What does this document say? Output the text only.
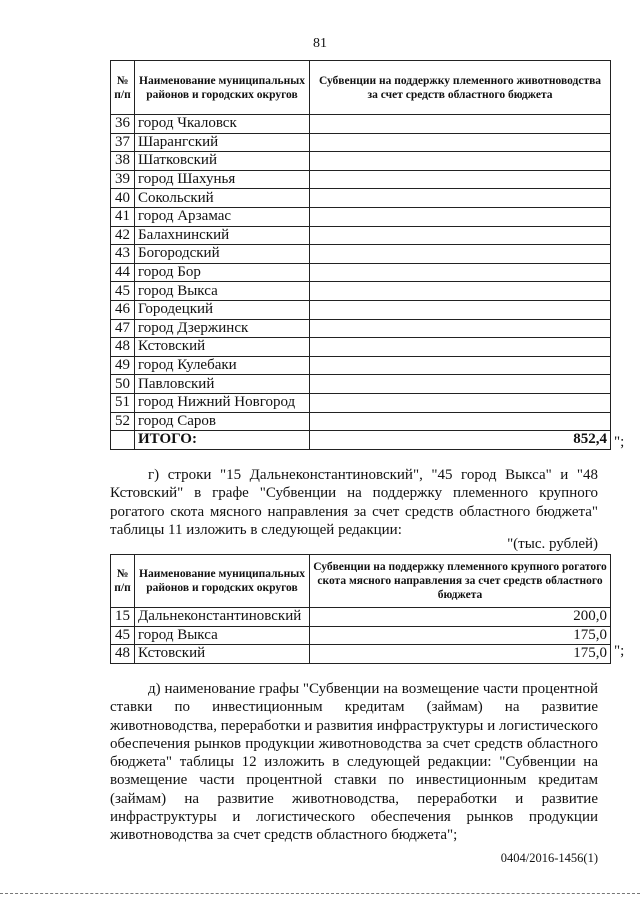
81
№ п/п	Наименование муниципальных районов и городских округов	Субвенции на поддержку племенного животноводства за счет средств областного бюджета
36	город Чкаловск	
37	Шарангский	
38	Шатковский	
39	город Шахунья	
40	Сокольский	
41	город Арзамас	
42	Балахнинский	
43	Богородский	
44	город Бор	
45	город Выкса	
46	Городецкий	
47	город Дзержинск	
48	Кстовский	
49	город Кулебаки	
50	Павловский	
51	город Нижний Новгород	
52	город Саров	
	ИТОГО:	852,4 ";
г) строки "15 Дальнеконстантиновский", "45 город Выкса" и "48 Кстовский" в графе "Субвенции на поддержку племенного крупного рогатого скота мясного направления за счет средств областного бюджета" таблицы 11 изложить в следующей редакции:
"(тыс. рублей)
№ п/п	Наименование муниципальных районов и городских округов	Субвенции на поддержку племенного крупного рогатого скота мясного направления за счет средств областного бюджета
15	Дальнеконстантиновский	200,0
45	город Выкса	175,0
48	Кстовский	175,0 ";
д) наименование графы "Субвенции на возмещение части процентной ставки по инвестиционным кредитам (займам) на развитие животноводства, переработки и развития инфраструктуры и логистического обеспечения рынков продукции животноводства за счет средств областного бюджета" таблицы 12 изложить в следующей редакции: "Субвенции на возмещение части процентной ставки по инвестиционным кредитам (займам) на развитие животноводства, переработки и развитие инфраструктуры и логистического обеспечения рынков продукции животноводства за счет средств областного бюджета";
0404/2016-1456(1)
